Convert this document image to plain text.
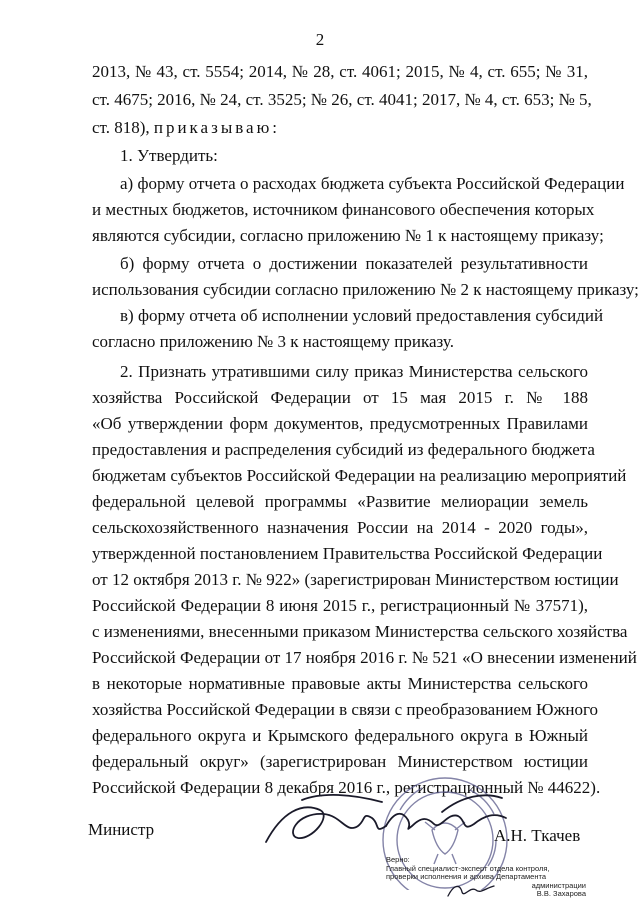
2
2013, № 43, ст. 5554; 2014, № 28, ст. 4061; 2015, № 4, ст. 655; № 31,
ст. 4675; 2016, № 24, ст. 3525; № 26, ст. 4041; 2017, № 4, ст. 653; № 5,
ст. 818), приказываю:
1. Утвердить:
а) форму отчета о расходах бюджета субъекта Российской Федерации
и местных бюджетов, источником финансового обеспечения которых
являются субсидии, согласно приложению № 1 к настоящему приказу;
б) форму отчета о достижении показателей результативности
использования субсидии согласно приложению № 2 к настоящему приказу;
в) форму отчета об исполнении условий предоставления субсидий
согласно приложению № 3 к настоящему приказу.
2. Признать утратившими силу приказ Министерства сельского
хозяйства Российской Федерации от 15 мая 2015 г. № 188
«Об утверждении форм документов, предусмотренных Правилами
предоставления и распределения субсидий из федерального бюджета
бюджетам субъектов Российской Федерации на реализацию мероприятий
федеральной целевой программы «Развитие мелиорации земель
сельскохозяйственного назначения России на 2014 - 2020 годы»,
утвержденной постановлением Правительства Российской Федерации
от 12 октября 2013 г. № 922» (зарегистрирован Министерством юстиции
Российской Федерации 8 июня 2015 г., регистрационный № 37571),
с изменениями, внесенными приказом Министерства сельского хозяйства
Российской Федерации от 17 ноября 2016 г. № 521 «О внесении изменений
в некоторые нормативные правовые акты Министерства сельского
хозяйства Российской Федерации в связи с преобразованием Южного
федерального округа и Крымского федерального округа в Южный
федеральный округ» (зарегистрирован Министерством юстиции
Российской Федерации 8 декабря 2016 г., регистрационный № 44622).
Министр	А.Н. Ткачев
Верно:
Главный специалист-эксперт отдела контроля,
проверки исполнения и архива Департамента
администрации
В.В. Захарова
